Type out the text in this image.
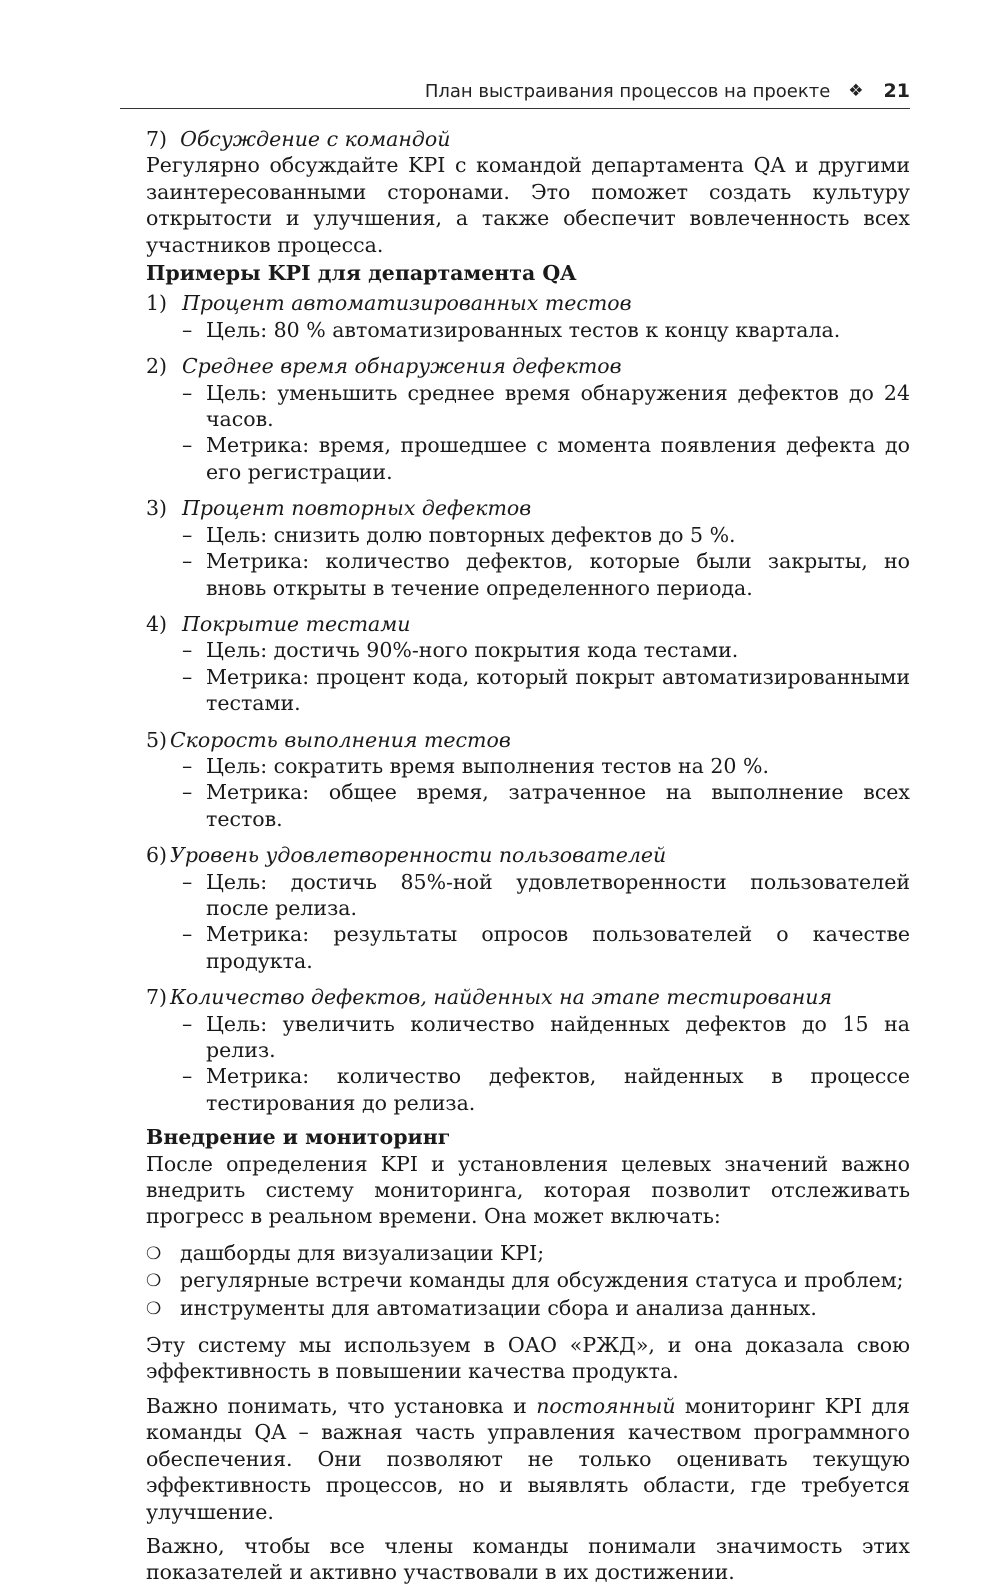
План выстраивания процессов на проекте ❖ 21

7) Обсуждение с командой

Регулярно обсуждайте KPI с командой департамента QA и другими заинтересованными сторонами. Это поможет создать культуру открытости и улучшения, а также обеспечит вовлеченность всех участников процесса.

Примеры KPI для департамента QA

1) Процент автоматизированных тестов

– Цель: 80 % автоматизированных тестов к концу квартала.

2) Среднее время обнаружения дефектов

– Цель: уменьшить среднее время обнаружения дефектов до 24 часов.
– Метрика: время, прошедшее с момента появления дефекта до его регистрации.

3) Процент повторных дефектов

– Цель: снизить долю повторных дефектов до 5 %.
– Метрика: количество дефектов, которые были закрыты, но вновь открыты в течение определенного периода.

4) Покрытие тестами

– Цель: достичь 90%-ного покрытия кода тестами.
– Метрика: процент кода, который покрыт автоматизированными тестами.

5) Скорость выполнения тестов

– Цель: сократить время выполнения тестов на 20 %.
– Метрика: общее время, затраченное на выполнение всех тестов.

6) Уровень удовлетворенности пользователей

– Цель: достичь 85%-ной удовлетворенности пользователей после релиза.
– Метрика: результаты опросов пользователей о качестве продукта.

7) Количество дефектов, найденных на этапе тестирования

– Цель: увеличить количество найденных дефектов до 15 на релиз.
– Метрика: количество дефектов, найденных в процессе тестирования до релиза.

Внедрение и мониторинг

После определения KPI и установления целевых значений важно внедрить систему мониторинга, которая позволит отслеживать прогресс в реальном времени. Она может включать:

❍ дашборды для визуализации KPI;
❍ регулярные встречи команды для обсуждения статуса и проблем;
❍ инструменты для автоматизации сбора и анализа данных.

Эту систему мы используем в ОАО «РЖД», и она доказала свою эффективность в повышении качества продукта.

Важно понимать, что установка и постоянный мониторинг KPI для команды QA – важная часть управления качеством программного обеспечения. Они позволяют не только оценивать текущую эффективность процессов, но и выявлять области, где требуется улучшение.

Важно, чтобы все члены команды понимали значимость этих показателей и активно участвовали в их достижении.
